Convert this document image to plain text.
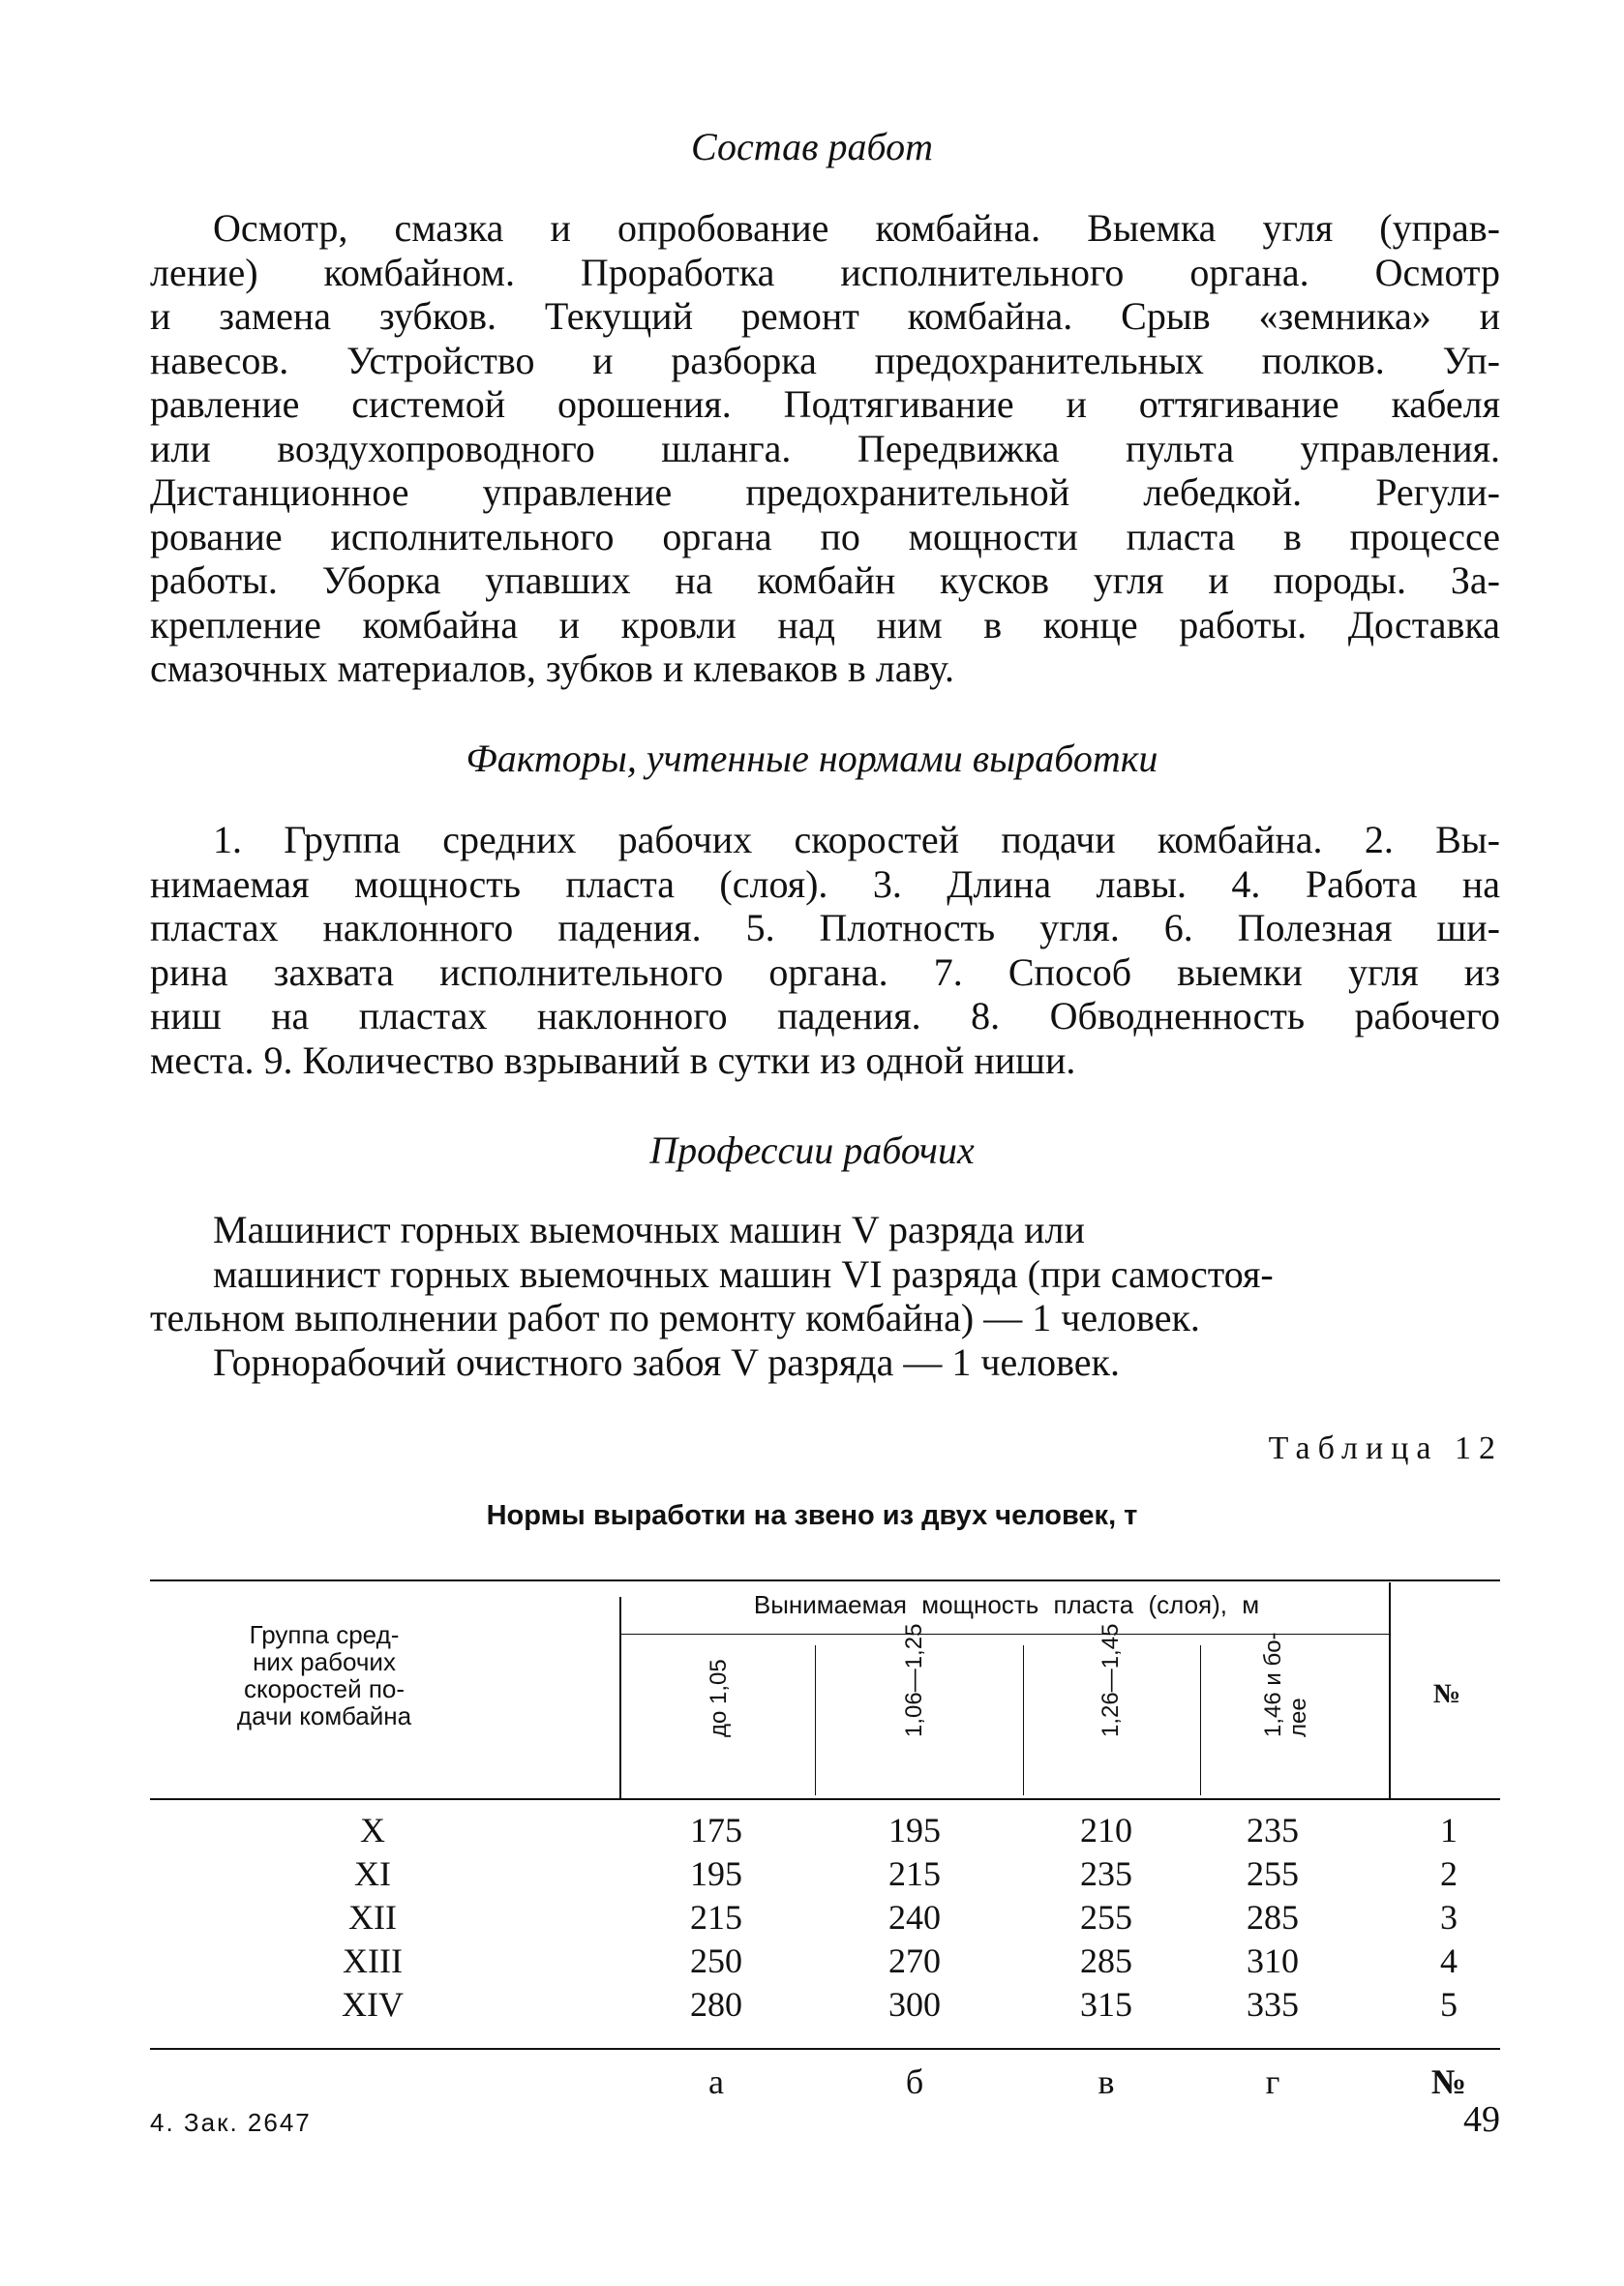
Состав работ
Осмотр, смазка и опробование комбайна. Выемка угля (управ-
ление) комбайном. Проработка исполнительного органа. Осмотр
и замена зубков. Текущий ремонт комбайна. Срыв «земника» и
навесов. Устройство и разборка предохранительных полков. Уп-
равление системой орошения. Подтягивание и оттягивание кабеля
или воздухопроводного шланга. Передвижка пульта управления.
Дистанционное управление предохранительной лебедкой. Регули-
рование исполнительного органа по мощности пласта в процессе
работы. Уборка упавших на комбайн кусков угля и породы. За-
крепление комбайна и кровли над ним в конце работы. Доставка
смазочных материалов, зубков и клеваков в лаву.
Факторы, учтенные нормами выработки
1. Группа средних рабочих скоростей подачи комбайна. 2. Вы-
нимаемая мощность пласта (слоя). 3. Длина лавы. 4. Работа на
пластах наклонного падения. 5. Плотность угля. 6. Полезная ши-
рина захвата исполнительного органа. 7. Способ выемки угля из
ниш на пластах наклонного падения. 8. Обводненность рабочего
места. 9. Количество взрываний в сутки из одной ниши.
Профессии рабочих
Машинист горных выемочных машин V разряда или
машинист горных выемочных машин VI разряда (при самостоя-
тельном выполнении работ по ремонту комбайна) — 1 человек.
Горнорабочий очистного забоя V разряда — 1 человек.
Таблица 12
Нормы выработки на звено из двух человек, т
Группа сред-
них рабочих
скоростей по-
дачи комбайна
Вынимаемая мощность пласта (слоя), м
до 1,05	1,06—1,25	1,26—1,45	1,46 и бо- лее
№
X	175	195	210	235	1
XI	195	215	235	255	2
XII	215	240	255	285	3
XIII	250	270	285	310	4
XIV	280	300	315	335	5
а	б	в	г	№
4. Зак. 2647	49
